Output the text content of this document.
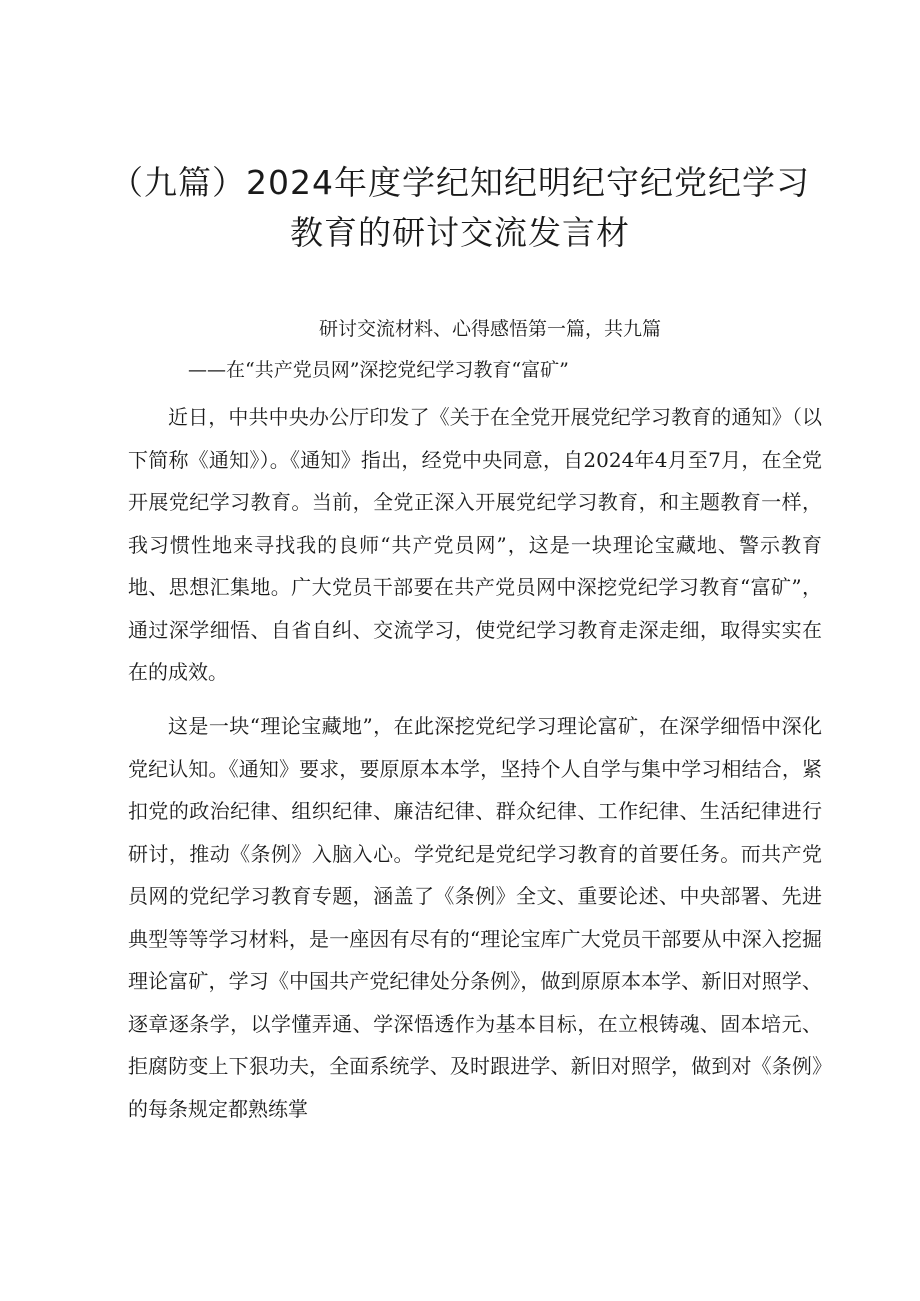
（九篇）2024年度学纪知纪明纪守纪党纪学习教育的研讨交流发言材
研讨交流材料、心得感悟第一篇，共九篇
——在“共产党员网”深挖党纪学习教育“富矿”

近日，中共中央办公厅印发了《关于在全党开展党纪学习教育的通知》（以下简称《通知》）。《通知》指出，经党中央同意，自2024年4月至7月，在全党开展党纪学习教育。当前，全党正深入开展党纪学习教育，和主题教育一样，我习惯性地来寻找我的良师“共产党员网”，这是一块理论宝藏地、警示教育地、思想汇集地。广大党员干部要在共产党员网中深挖党纪学习教育“富矿”，通过深学细悟、自省自纠、交流学习，使党纪学习教育走深走细，取得实实在在的成效。

这是一块“理论宝藏地”，在此深挖党纪学习理论富矿，在深学细悟中深化党纪认知。《通知》要求，要原原本本学，坚持个人自学与集中学习相结合，紧扣党的政治纪律、组织纪律、廉洁纪律、群众纪律、工作纪律、生活纪律进行研讨，推动《条例》入脑入心。学党纪是党纪学习教育的首要任务。而共产党员网的党纪学习教育专题，涵盖了《条例》全文、重要论述、中央部署、先进典型等等学习材料，是一座因有尽有的“理论宝库广大党员干部要从中深入挖掘理论富矿，学习《中国共产党纪律处分条例》，做到原原本本学、新旧对照学、逐章逐条学，以学懂弄通、学深悟透作为基本目标，在立根铸魂、固本培元、拒腐防变上下狠功夫，全面系统学、及时跟进学、新旧对照学，做到对《条例》的每条规定都熟练掌
